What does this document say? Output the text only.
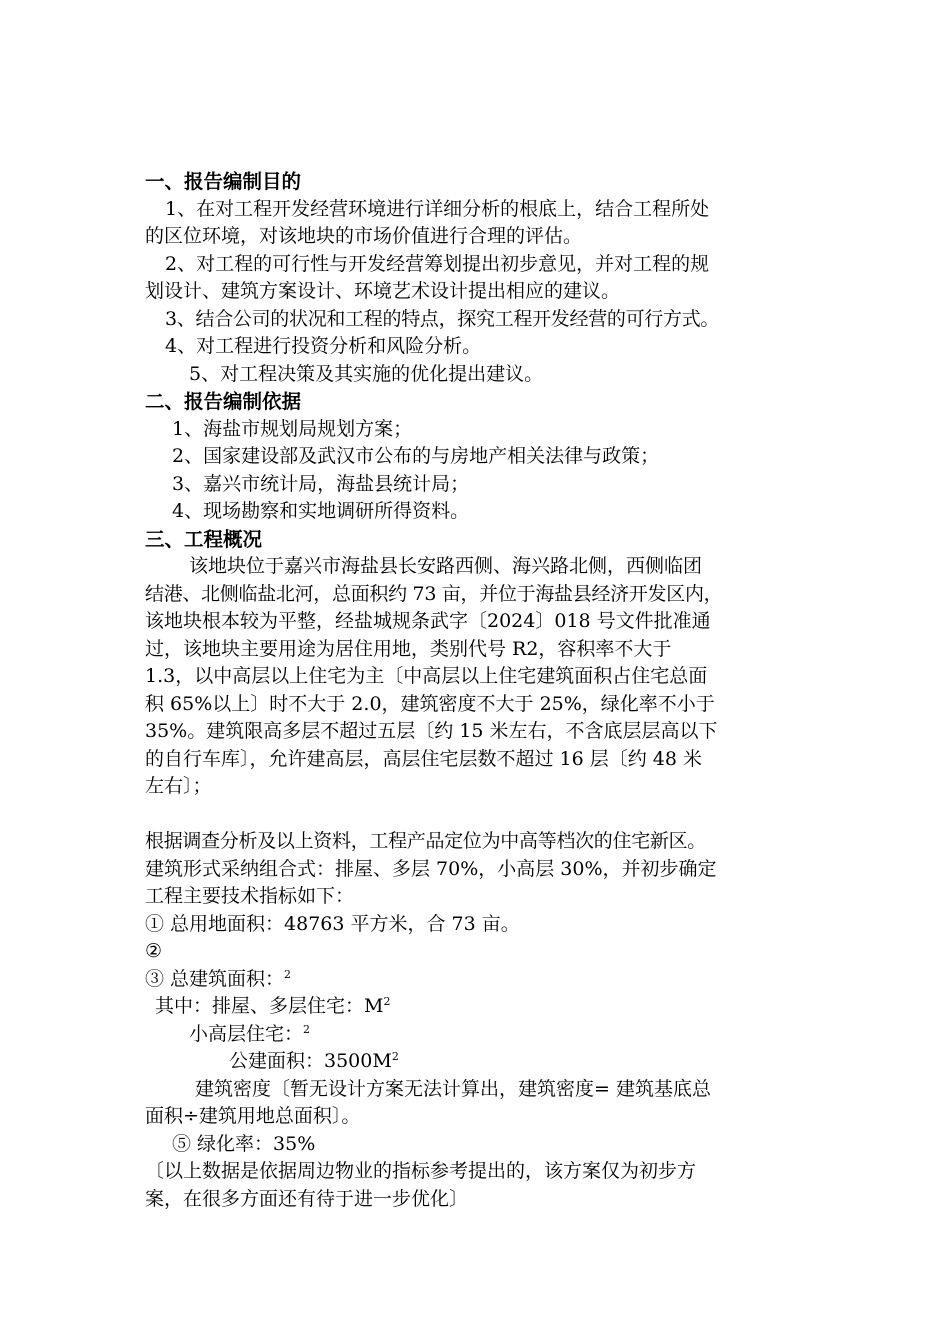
一、报告编制目的
1、在对工程开发经营环境进行详细分析的根底上，结合工程所处
的区位环境，对该地块的市场价值进行合理的评估。
2、对工程的可行性与开发经营筹划提出初步意见，并对工程的规
划设计、建筑方案设计、环境艺术设计提出相应的建议。
3、结合公司的状况和工程的特点，探究工程开发经营的可行方式。
4、对工程进行投资分析和风险分析。
5、对工程决策及其实施的优化提出建议。
二、报告编制依据
1、海盐市规划局规划方案；
2、国家建设部及武汉市公布的与房地产相关法律与政策；
3、嘉兴市统计局，海盐县统计局；
4、现场勘察和实地调研所得资料。
三、工程概况
该地块位于嘉兴市海盐县长安路西侧、海兴路北侧，西侧临团
结港、北侧临盐北河，总面积约 73 亩，并位于海盐县经济开发区内，
该地块根本较为平整，经盐城规条武字〔2024〕018 号文件批准通
过，该地块主要用途为居住用地，类别代号 R2，容积率不大于
1.3，以中高层以上住宅为主〔中高层以上住宅建筑面积占住宅总面
积 65%以上〕时不大于 2.0，建筑密度不大于 25%，绿化率不小于
35%。建筑限高多层不超过五层〔约 15 米左右，不含底层层高以下
的自行车库〕，允许建高层，高层住宅层数不超过 16 层〔约 48 米
左右〕；
根据调查分析及以上资料，工程产品定位为中高等档次的住宅新区。
建筑形式采纳组合式：排屋、多层 70%，小高层 30%，并初步确定
工程主要技术指标如下：
① 总用地面积：48763 平方米，合 73 亩。
②
③ 总建筑面积：$^2$
其中：排屋、多层住宅：$M^2$
小高层住宅：$^2$
公建面积：$3500M^2$
建筑密度〔暂无设计方案无法计算出，建筑密度= 建筑基底总
面积÷建筑用地总面积〕。
⑤ 绿化率：35%
〔以上数据是依据周边物业的指标参考提出的，该方案仅为初步方
案，在很多方面还有待于进一步优化〕
